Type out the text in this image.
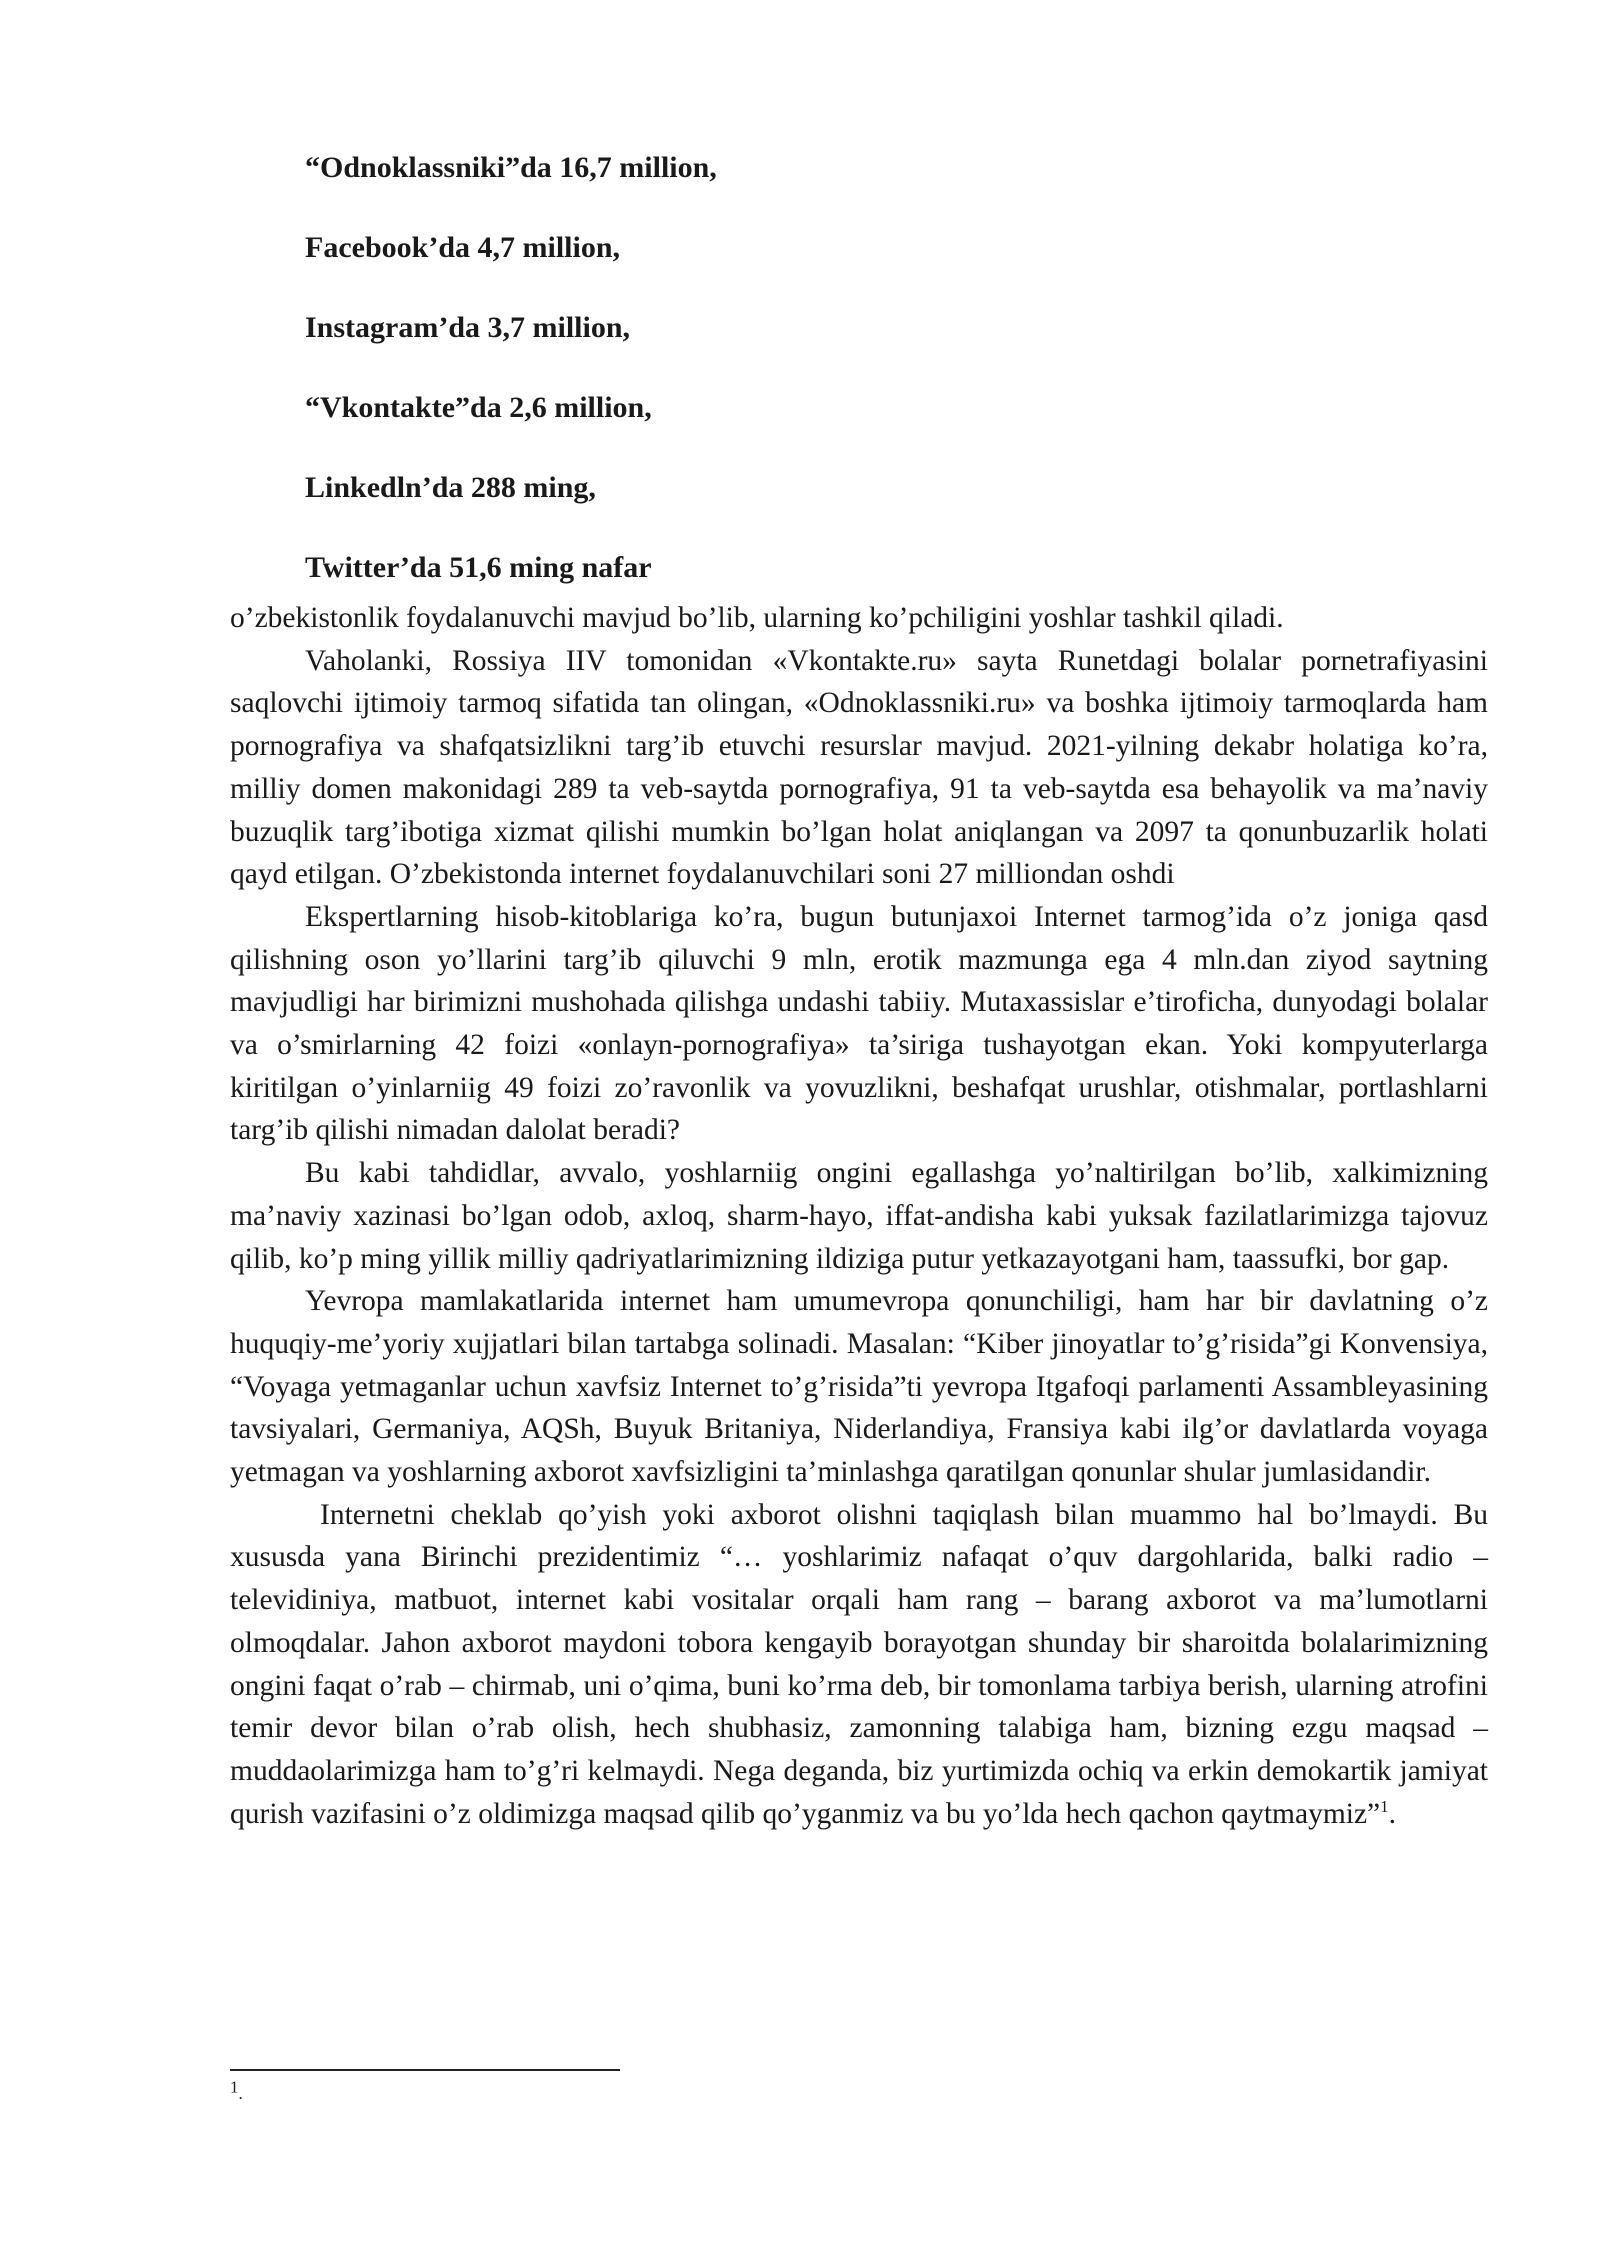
“Odnoklassniki”da 16,7 million,
Facebook’da 4,7 million,
Instagram’da 3,7 million,
“Vkontakte”da 2,6 million,
Linkedln’da 288 ming,
Twitter’da 51,6 ming nafar

o’zbekistonlik foydalanuvchi mavjud bo’lib, ularning ko’pchiligini yoshlar tashkil qiladi.

Vaholanki, Rossiya IIV tomonidan «Vkontakte.ru» sayta Runetdagi bolalar pornetrafiyasini saqlovchi ijtimoiy tarmoq sifatida tan olingan, «Odnoklassniki.ru» va boshka ijtimoiy tarmoqlarda ham pornografiya va shafqatsizlikni targ’ib etuvchi resurslar mavjud. 2021-yilning dekabr holatiga ko’ra, milliy domen makonidagi 289 ta veb-saytda pornografiya, 91 ta veb-saytda esa behayolik va ma’naviy buzuqlik targ’ibotiga xizmat qilishi mumkin bo’lgan holat aniqlangan va 2097 ta qonunbuzarlik holati qayd etilgan. O’zbekistonda internet foydalanuvchilari soni 27 milliondan oshdi

Ekspertlarning hisob-kitoblariga ko’ra, bugun butunjaxoi Internet tarmog’ida o’z joniga qasd qilishning oson yo’llarini targ’ib qiluvchi 9 mln, erotik mazmunga ega 4 mln.dan ziyod saytning mavjudligi har birimizni mushohada qilishga undashi tabiiy. Mutaxassislar e’tiroficha, dunyodagi bolalar va o’smirlarning 42 foizi «onlayn-pornografiya» ta’siriga tushayotgan ekan. Yoki kompyuterlarga kiritilgan o’yinlarniig 49 foizi zo’ravonlik va yovuzlikni, beshafqat urushlar, otishmalar, portlashlarni targ’ib qilishi nimadan dalolat beradi?

Bu kabi tahdidlar, avvalo, yoshlarniig ongini egallashga yo’naltirilgan bo’lib, xalkimizning ma’naviy xazinasi bo’lgan odob, axloq, sharm-hayo, iffat-andisha kabi yuksak fazilatlarimizga tajovuz qilib, ko’p ming yillik milliy qadriyatlarimizning ildiziga putur yetkazayotgani ham, taassufki, bor gap.

Yevropa mamlakatlarida internet ham umumevropa qonunchiligi, ham har bir davlatning o’z huquqiy-me’yoriy xujjatlari bilan tartabga solinadi. Masalan: “Kiber jinoyatlar to’g’risida”gi Konvensiya, “Voyaga yetmaganlar uchun xavfsiz Internet to’g’risida”ti yevropa Itgafoqi parlamenti Assambleyasining tavsiyalari, Germaniya, AQSh, Buyuk Britaniya, Niderlandiya, Fransiya kabi ilg’or davlatlarda voyaga yetmagan va yoshlarning axborot xavfsizligini ta’minlashga qaratilgan qonunlar shular jumlasidandir.

Internetni cheklab qo’yish yoki axborot olishni taqiqlash bilan muammo hal bo’lmaydi. Bu xususda yana Birinchi prezidentimiz “… yoshlarimiz nafaqat o’quv dargohlarida, balki radio – televidiniya, matbuot, internet kabi vositalar orqali ham rang – barang axborot va ma’lumotlarni olmoqdalar. Jahon axborot maydoni tobora kengayib borayotgan shunday bir sharoitda bolalarimizning ongini faqat o’rab – chirmab, uni o’qima, buni ko’rma deb, bir tomonlama tarbiya berish, ularning atrofini temir devor bilan o’rab olish, hech shubhasiz, zamonning talabiga ham, bizning ezgu maqsad – muddaolarimizga ham to’g’ri kelmaydi. Nega deganda, biz yurtimizda ochiq va erkin demokartik jamiyat qurish vazifasini o’z oldimizga maqsad qilib qo’yganmiz va bu yo’lda hech qachon qaytmaymiz”$^1$.

$^1$.
